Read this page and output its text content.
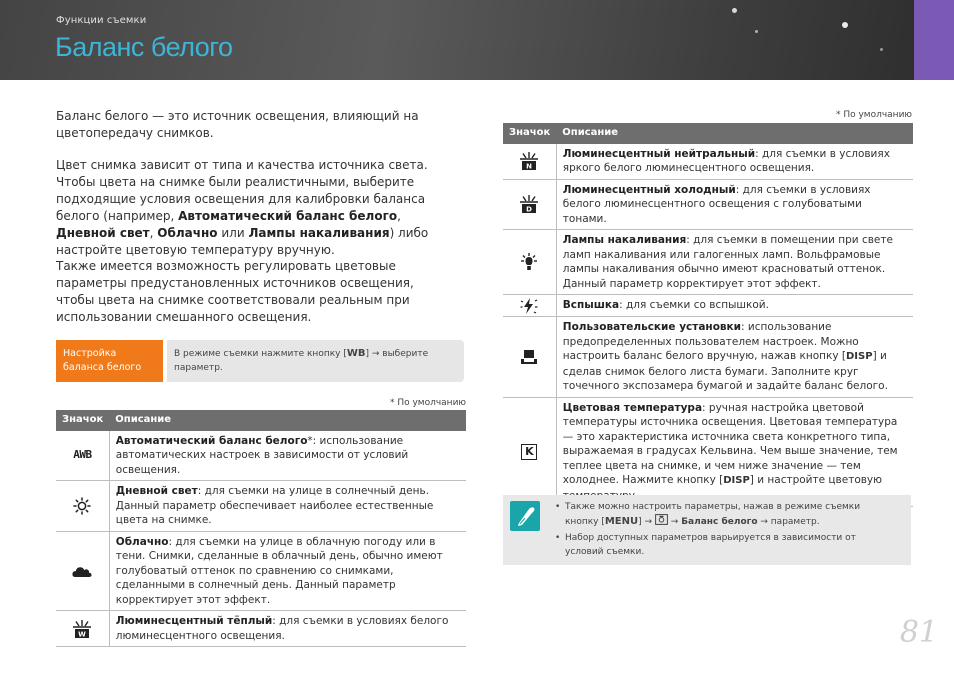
Функции съемки
Баланс белого

Баланс белого — это источник освещения, влияющий на цветопередачу снимков.

Цвет снимка зависит от типа и качества источника света. Чтобы цвета на снимке были реалистичными, выберите подходящие условия освещения для калибровки баланса белого (например, Автоматический баланс белого, Дневной свет, Облачно или Лампы накаливания) либо настройте цветовую температуру вручную.

Также имеется возможность регулировать цветовые параметры предустановленных источников освещения, чтобы цвета на снимке соответствовали реальным при использовании смешанного освещения.

Настройка баланса белого
В режиме съемки нажмите кнопку [WB] → выберите параметр.
* По умолчанию
* По умолчанию
Значок	Описание
AWB	Автоматический баланс белого*: использование автоматических настроек в зависимости от условий освещения.
	Дневной свет: для съемки на улице в солнечный день. Данный параметр обеспечивает наиболее естественные цвета на снимке.
	Облачно: для съемки на улице в облачную погоду или в тени. Снимки, сделанные в облачный день, обычно имеют голубоватый оттенок по сравнению со снимками, сделанными в солнечный день. Данный параметр корректирует этот эффект.

W	Люминесцентный тёплый: для съемки в условиях белого люминесцентного освещения.
Значок	Описание

N	Люминесцентный нейтральный: для съемки в условиях яркого белого люминесцентного освещения.

D	Люминесцентный холодный: для съемки в условиях белого люминесцентного освещения с голубоватыми тонами.
	Лампы накаливания: для съемки в помещении при свете ламп накаливания или галогенных ламп. Вольфрамовые лампы накаливания обычно имеют красноватый оттенок. Данный параметр корректирует этот эффект.
	Вспышка: для съемки со вспышкой.
	Пользовательские установки: использование предопределенных пользователем настроек. Можно настроить баланс белого вручную, нажав кнопку [DISP] и сделав снимок белого листа бумаги. Заполните круг точечного экспозамера бумагой и задайте баланс белого.
K	Цветовая температура: ручная настройка цветовой температуры источника освещения. Цветовая температура — это характеристика источника света конкретного типа, выражаемая в градусах Кельвина. Чем выше значение, тем теплее цвета на снимке, и чем ниже значение — тем холоднее. Нажмите кнопку [DISP] и настройте цветовую
• Также можно настроить параметры, нажав в режиме съемки кнопку [MENU] →  → Баланс белого → параметр.
• Набор доступных параметров варьируется в зависимости от условий съемки.
81
